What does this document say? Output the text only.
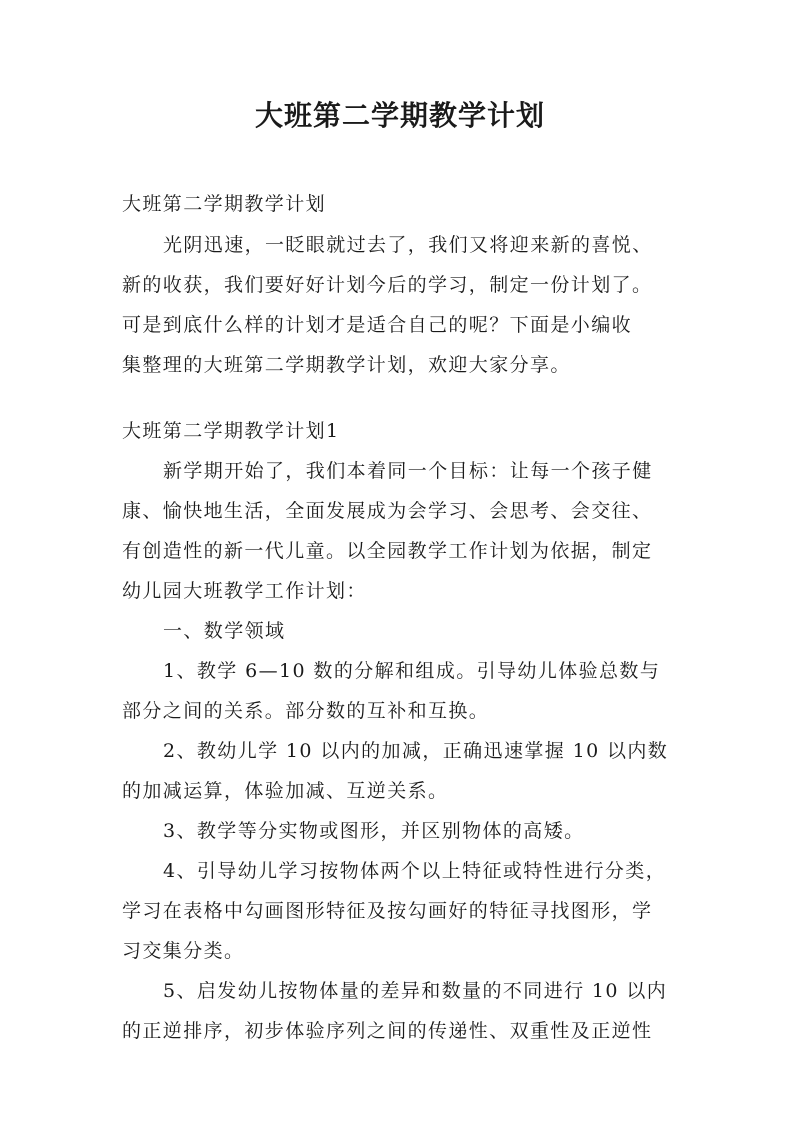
大班第二学期教学计划
大班第二学期教学计划
光阴迅速，一眨眼就过去了，我们又将迎来新的喜悦、
新的收获，我们要好好计划今后的学习，制定一份计划了。
可是到底什么样的计划才是适合自己的呢？下面是小编收
集整理的大班第二学期教学计划，欢迎大家分享。
大班第二学期教学计划1
新学期开始了，我们本着同一个目标：让每一个孩子健
康、愉快地生活，全面发展成为会学习、会思考、会交往、
有创造性的新一代儿童。以全园教学工作计划为依据，制定
幼儿园大班教学工作计划：
一、数学领域
1、教学 6—10 数的分解和组成。引导幼儿体验总数与
部分之间的关系。部分数的互补和互换。
2、教幼儿学 10 以内的加减，正确迅速掌握 10 以内数
的加减运算，体验加减、互逆关系。
3、教学等分实物或图形，并区别物体的高矮。
4、引导幼儿学习按物体两个以上特征或特性进行分类，
学习在表格中勾画图形特征及按勾画好的特征寻找图形，学
习交集分类。
5、启发幼儿按物体量的差异和数量的不同进行 10 以内
的正逆排序，初步体验序列之间的传递性、双重性及正逆性
